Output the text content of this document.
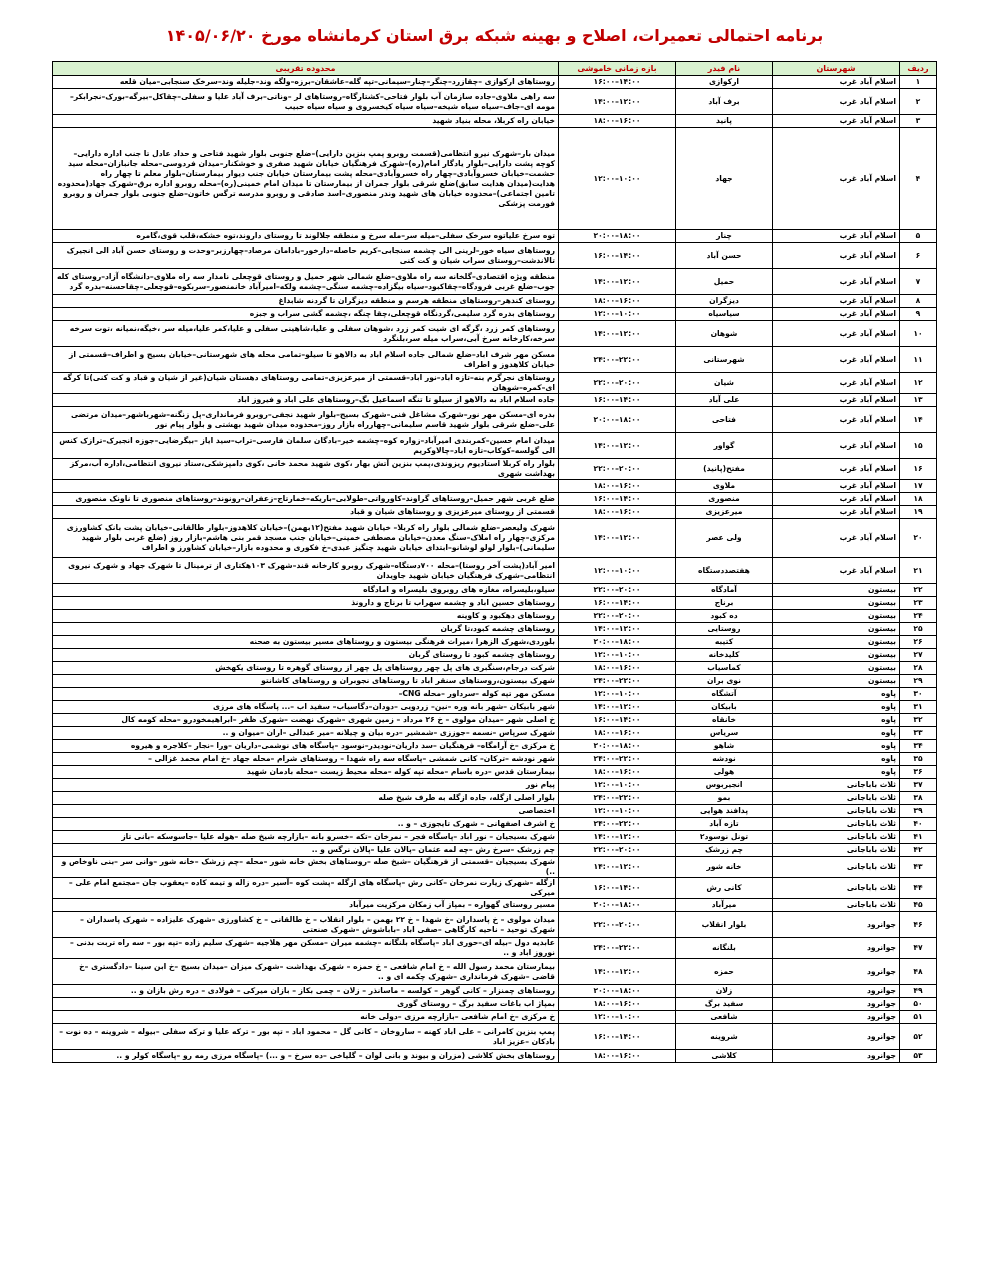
برنامه احتمالی تعمیرات، اصلاح و بهینه شبکه برق استان کرمانشاه مورخ ۱۴۰۵/۰۶/۲۰
ردیف	شهرستان	نام فیدر	بازه زمانی خاموشی	محدوده تقریبی
۱	اسلام آباد غرب	ارکوازی	۱۴:۰۰–۱۶:۰۰	روستاهای ارکوازی –چقازرد–چنگر–چنار–سیمانی–تپه گله–عاشقان–برزه–ولگه وند–جلیله وند–سرخک سنجابی–میان قلعه
۲	اسلام آباد غرب	برف آباد	۱۲:۰۰–۱۴:۰۰	سه راهی ملاوی–جاده سازمان آب بلوار فتاحی–کشتارگاه–روستاهای لر –وناتی–برف آباد علیا و سفلی–چقاکل–بیرگه–بورک–نجرابکر–مومه ای–جاف–سیاه سیاه شیخه–سیاه سیاه کیخسروی و سیاه سیاه حبیب
۳	اسلام آباد غرب	پانید	۱۶:۰۰–۱۸:۰۰	خیابان راه کربلا، محله بنیاد شهید
۴	اسلام آباد غرب	جهاد	۱۰:۰۰–۱۲:۰۰	میدان بار–شهرک نیرو انتظامی(قسمت روبرو پمپ بنزین دارایی)–ضلع جنوبی بلوار شهید فتاحی و حداد عادل تا جنب اداره دارایی–کوچه پشت دارایی–بلوار یادگار امام(ره)–شهرک فرهنگیان خیابان شهید صفری و خوشکنار–میدان فردوسی–محله جانبازان–محله سید حشمت–خیابان خسروآبادی–چهار راه خسروآبادی–محله پشت بیمارستان خیابان جنب دیوار بیمارستان–بلوار معلم تا چهار راه هدایت(میدان هدایت سابق)ضلع شرقی بلوار جمران از بیمارستان تا میدان امام خمینی(ره)–محله روبرو اداره برق–شهرک جهاد(محدوده تامین اجتماعی)–محدوده خیابان های شهید وندر منصوری–اسد صادقی و روبرو مدرسه ترگس خاتون–ضلع جنوبی بلوار جمران و روبرو فورمت پزشکی
۵	اسلام آباد غرب	چنار	۱۸:۰۰–۲۰:۰۰	توه سرخ علیاتوه سرخک سفلی–میله سر–مله سرخ و منطقه جلالوند تا روستای داروند،توه خشکه،قلب قوی،گامره
۶	اسلام آباد غرب	حسن آباد	۱۴:۰۰–۱۶:۰۰	روستاهای سیاه خور–لرینی الی چشمه سنجابی–کریم حاصله–دارخور–بادامان مرصاد–چهارزبر–وحدت و روستای حسن آباد الی انجیرک تالاندشت–روستای سراب شیان و کت کنی
۷	اسلام آباد غرب	حمیل	۱۲:۰۰–۱۴:۰۰	منطقه ویژه اقتصادی–گلخانه سه راه ملاوی–ضلع شمالی شهر حمیل و روستای قوچعلی نامدار سه راه ملاوی–دانشگاه آزاد–روستای کله جوب–ضلع غربی فرودگاه–چقاکبود–سیاه بیگزاده–چشمه سنگی–چشمه ولکه–امیرآباد خانمنصور–سربکوه–قوچعلی–چقاحسنه–بدره گرد
۸	اسلام آباد غرب	دیزگران	۱۶:۰۰–۱۸:۰۰	روستای کندهر–روستاهای منطقه هرسم و منطقه دیزگران تا گردنه شابداغ
۹	اسلام آباد غرب	سیاسیاه	۱۰:۰۰–۱۲:۰۰	روستاهای بدره گرد سلیمی،گردنگاه قوچعلی،چقا چنگه ،چشمه گشی سراب و جبزه
۱۰	اسلام آباد غرب	شوهان	۱۲:۰۰–۱۴:۰۰	روستاهای کمر زرد ،گرگه ای شیت کمر زرد ،شوهان سفلی و علیا،شاهینی سفلی و علیا،کمر علیا،میله سر ،خیگه،نمیانه ،توت سرخه سرخه،کارخانه سرخ آبی،سراب میله سر،بلنگرد
۱۱	اسلام آباد غرب	شهرستانی	۲۲:۰۰–۲۴:۰۰	مسکن مهر شرف اباد–ضلع شمالی جاده اسلام اباد به دالاهو تا سیلو–تمامی محله های شهرستانی–خیابان بسیج و اطراف–قسمتی از خیابان کلاهدوز و اطراف
۱۲	اسلام آباد غرب	شیان	۲۰:۰۰–۲۲:۰۰	روستاهای نجرگرم بنه–تازه اباد–نور اباد–قسمتی از میرعزیزی–تمامی روستاهای دهستان شیان(غیر از شیان و قباد و کت کنی)تا کرگه ای–کمره–شوهان
۱۳	اسلام آباد غرب	علی آباد	۱۴:۰۰–۱۶:۰۰	جاده اسلام اباد به دالاهو از سیلو تا تنگه اسماعیل بگ–روستاهای علی اباد و فیروز اباد
۱۴	اسلام آباد غرب	فتاحی	۱۸:۰۰–۲۰:۰۰	بدره ای–مسکن مهر نور–شهرک مشاغل فنی–شهرک بسیج–بلوار شهید نجفی–روبرو فرمانداری–پل زنگنه–شهرباشهر–میدان مرتضی علی–ضلع شرقی بلوار شهید قاسم سلیمانی–چهارراه بازار روز–محدوده میدان شهید بهشتی و بلوار پیام نور
۱۵	اسلام آباد غرب	گواور	۱۲:۰۰–۱۴:۰۰	میدان امام حسین–کمربندی امیرآباد–زواره کوه–چشمه خیر–بادگان سلمان فارسی–تراب–سید ایاز –بیگرضایی–جوزه انجیرک–ترازک کنس الی گولسه–کوکاب–تازه اباد–چالاوکریم
۱۶	اسلام آباد غرب	مفتح(پانید)	۲۰:۰۰–۲۲:۰۰	بلوار راه کربلا استادیوم ریزوندی،پمپ بنزین آتش بهار ،کوی شهید محمد خانی ،کوی دامپزشکی،ستاد نیروی انتظامی،اداره آب،مرکز بهداشت شهری
۱۷	اسلام آباد غرب	ملاوی	۱۶:۰۰–۱۸:۰۰	
۱۸	اسلام آباد غرب	منصوری	۱۴:۰۰–۱۶:۰۰	ضلع غربی شهر حمیل–روستاهای گراوند–کاورواتی–طولابی–باریکه–خمارتاج–زعفران–رونوند–روستاهای منصوری تا ناونک منصوری
۱۹	اسلام آباد غرب	میرعزیزی	۱۶:۰۰–۱۸:۰۰	قسمتی از روستای میرعزیزی و روستاهای شیان و قباد
۲۰	اسلام آباد غرب	ولی عصر	۱۲:۰۰–۱۴:۰۰	شهرک ولیعصر–ضلع شمالی بلوار راه کربلا– خیابان شهید مفتح(۱۲بهمن)–خیابان کلاهدوز–بلوار طالقانی–خیابان پشت بانک کشاورزی مرکزی–چهار راه املاک–سنگ معدن–خیابان مصطفی خمینی–خیابان جنب مسجد قمر بنی هاشم–بازار روز (ضلع غربی بلوار شهید سلیمانی)–بلوار لولو لوشانو–ابتدای خیابان شهید چنگیز عبدی–خ فکوری و محدوده بازار–خیابان کشاورز و اطراف
۲۱	اسلام آباد غرب	هفتصددستگاه	۱۰:۰۰–۱۲:۰۰	امیر آباد(پشت آخر روستا)–محله ۷۰۰دستگاه–شهرک روبرو کارخانه قند–شهرک ۱۰۳هکتاری از ترمینال تا شهرک جهاد و شهرک نیروی انتظامی–شهرک فرهنگیان خیابان شهید جاویدان
۲۲	بیستون	آمادگاه	۲۰:۰۰–۲۲:۰۰	سیلو،بلیسراه، مغازه های روبروی بلیسراه و امادگاه
۲۳	بیستون	برناج	۱۴:۰۰–۱۶:۰۰	روستاهای حسین اباد و چشمه سهراب تا برناج و دارونذ
۲۴	بیستون	ده کبود	۲۰:۰۰–۲۲:۰۰	روستاهای دهکبود و کاوینه
۲۵	بیستون	روستایی	۱۲:۰۰–۱۴:۰۰	روستاهای چشمه کبود،تا گربان
۲۶	بیستون	کتیبه	۱۸:۰۰–۲۰:۰۰	بلوردی،شهرک الزهرا ،میراث فرهنگی بیستون و روستاهای مسیر بیستون به صحنه
۲۷	بیستون	کلیدخانه	۱۰:۰۰–۱۲:۰۰	روستاهای چشمه کبود تا روستای گربان
۲۸	بیستون	کماسیاب	۱۶:۰۰–۱۸:۰۰	شرکت درجام،سنگبری های پل چهر روستاهای پل چهر از روستای گوهره تا روستای یکهخش
۲۹	بیستون	نوی بران	۲۲:۰۰–۲۴:۰۰	شهرک بیستون،روستاهای سنقر اباد تا روستاهای نجوبران و روستاهای کاشانتو
۳۰	پاوه	آتشگاه	۱۰:۰۰–۱۲:۰۰	مسکن مهر تپه کوله –سرداور –محله CNG–
۳۱	پاوه	بابیکان	۱۲:۰۰–۱۴:۰۰	شهر بابیکان –شهر بانه وره –نین– زردویی –دودان–دگاسیاب– سفید اب –... پاسگاه های مرزی
۳۲	پاوه	خانقاه	۱۴:۰۰–۱۶:۰۰	خ اصلی شهر –میدان مولوی – خ ۲۶ مرداد – زمین شهری –شهرک نهضت –شهرک ظفر –ابراهیمخودرو –محله کومه کال
۳۳	پاوه	سریاس	۱۶:۰۰–۱۸:۰۰	شهرک سرپاس –نسمه –جوززی –شمشیر –دره بیان و چیلانه –میر عبدالی –اران –میوان و ..
۳۴	پاوه	شاهو	۱۸:۰۰–۲۰:۰۰	خ مرکزی –خ آرامگاه– فرهنگیان –سد داریان–نودیدر–نوسود –پاسگاه های نوشمی–داریان –ورا –نجار –کلاجره و هیروه
۳۵	پاوه	نودشه	۲۲:۰۰–۲۴:۰۰	شهر نودشه –ترکان– کانی شمشی –پاسگاه سه راه شهدا – روستاهای شرام –محله جهاد –خ امام محمد غزالی –
۳۶	پاوه	هولی	۱۶:۰۰–۱۸:۰۰	بیمارستان قدس –دره باسام –محله تپه کوله –محله محیط زیست –محله بادمان شهید
۳۷	ثلاث باباجانی	انجیربوس	۱۰:۰۰–۱۲:۰۰	پیام نور
۳۸	ثلاث باباجانی	بمو	۲۲:۰۰–۲۴:۰۰	بلوار اصلی ازگله، جاده ازگله به طرف شیخ صله
۳۹	ثلاث باباجانی	پدافند هوایی	۱۰:۰۰–۱۲:۰۰	اختصاصی
۴۰	ثلاث باباجانی	تازه آباد	۲۲:۰۰–۲۴:۰۰	خ اشرف اصفهانی – شهرک تایجوزی – و ..
۴۱	ثلاث باباجانی	تونل نوسود۲	۱۲:۰۰–۱۴:۰۰	شهرک بسیجیان – نور اباد –پاسگاه فجر – نمرخان –تکه –خسرو بانه –بازارچه شیخ صله –هوله علیا –جاسوسکه –بانی تاز
۴۲	ثلاث باباجانی	چم زرشک	۲۰:۰۰–۲۲:۰۰	چم زرشک –سرخ رش –چه لمه عثمان –پالان علیا –پالان نرگس و ..
۴۳	ثلاث باباجانی	خانه شور	۱۲:۰۰–۱۴:۰۰	شهرک بسیجیان –قسمتی از فرهنگیان –شیخ صله –روستاهای بخش خانه شور –محله –چم زرشک –خانه شور –وانی سر –بنی ناوخاص و ..)
۴۴	ثلاث باباجانی	کانی رش	۱۴:۰۰–۱۶:۰۰	ازگله –شهرک زیارت نمرخان –کانی رش –پاسگاه های ازگله –پشت کوه –آسیر –دره زاله و تیمه کاده –یعقوب جان –مجتمع امام علی –میرکی
۴۵	ثلاث باباجانی	میرآباد	۱۸:۰۰–۲۰:۰۰	مسیر روستای گهواره – بمپاز آب زمکان مرکزیت میرآباد
۴۶	جوانرود	بلوار انقلاب	۲۰:۰۰–۲۲:۰۰	میدان مولوی – خ پاسداران –خ شهدا – خ ۲۲ بهمن – بلوار انقلاب – خ طالقانی – خ کشاورزی –شهرک علیزاده – شهرک پاسداران –شهرک توحید – ناحیه کارگاهی –صفی اباد –باباشوش –شهرک صنعتی
۴۷	جوانرود	بلنگانه	۲۲:۰۰–۲۴:۰۰	عابدیه دول –بیله ای–حوری اباد –پاسگاه بلنگانه –چشمه میران –مسکن مهر هلاجیه –شهرک سلیم زاده –تپه بور – سه راه تربت بدنی –نوروز اباد و ..
۴۸	جوانرود	حمزه	۱۲:۰۰–۱۴:۰۰	بیمارستان محمد رسول الله – خ امام شافعی – خ حمزه – شهرک بهداشت –شهرک میزان –میدان بسیج –خ ابن سینا –دادگستری –خ قاضی –شهرک فرمانداری –شهرک چکمه ای و ..
۴۹	جوانرود	زلان	۱۸:۰۰–۲۰:۰۰	روستاهای چمنزار – کانی گوهر – کولسه – ماسانذر – زلان – چمی بکاز – بازان میرکی – فولادی – دره رش بازان و ..
۵۰	جوانرود	سفید برگ	۱۶:۰۰–۱۸:۰۰	بمپاژ اب باغات سفید برگ – روستای گوری
۵۱	جوانرود	شافعی	۱۰:۰۰–۱۲:۰۰	خ مرکزی –خ امام شافعی –بازارچه مرزی –دولی خانه
۵۲	جوانرود	شروینه	۱۴:۰۰–۱۶:۰۰	پمپ بنزین کامرانی – علی اباد کهنه – ساروخان – کانی گل – محمود اباد – تپه بور – ترکه علیا و ترکه سفلی –بیوله – شروینه – ده نوت – بادکان –عزیز اباد
۵۳	جوانرود	کلاشی	۱۶:۰۰–۱۸:۰۰	روستاهای بخش کلاشی (مزران و بیوند و بانی لوان – گلیاخی –ده سرخ – و ...) –پاسگاه مرزی رمه رو –پاسگاه کولر و ..
